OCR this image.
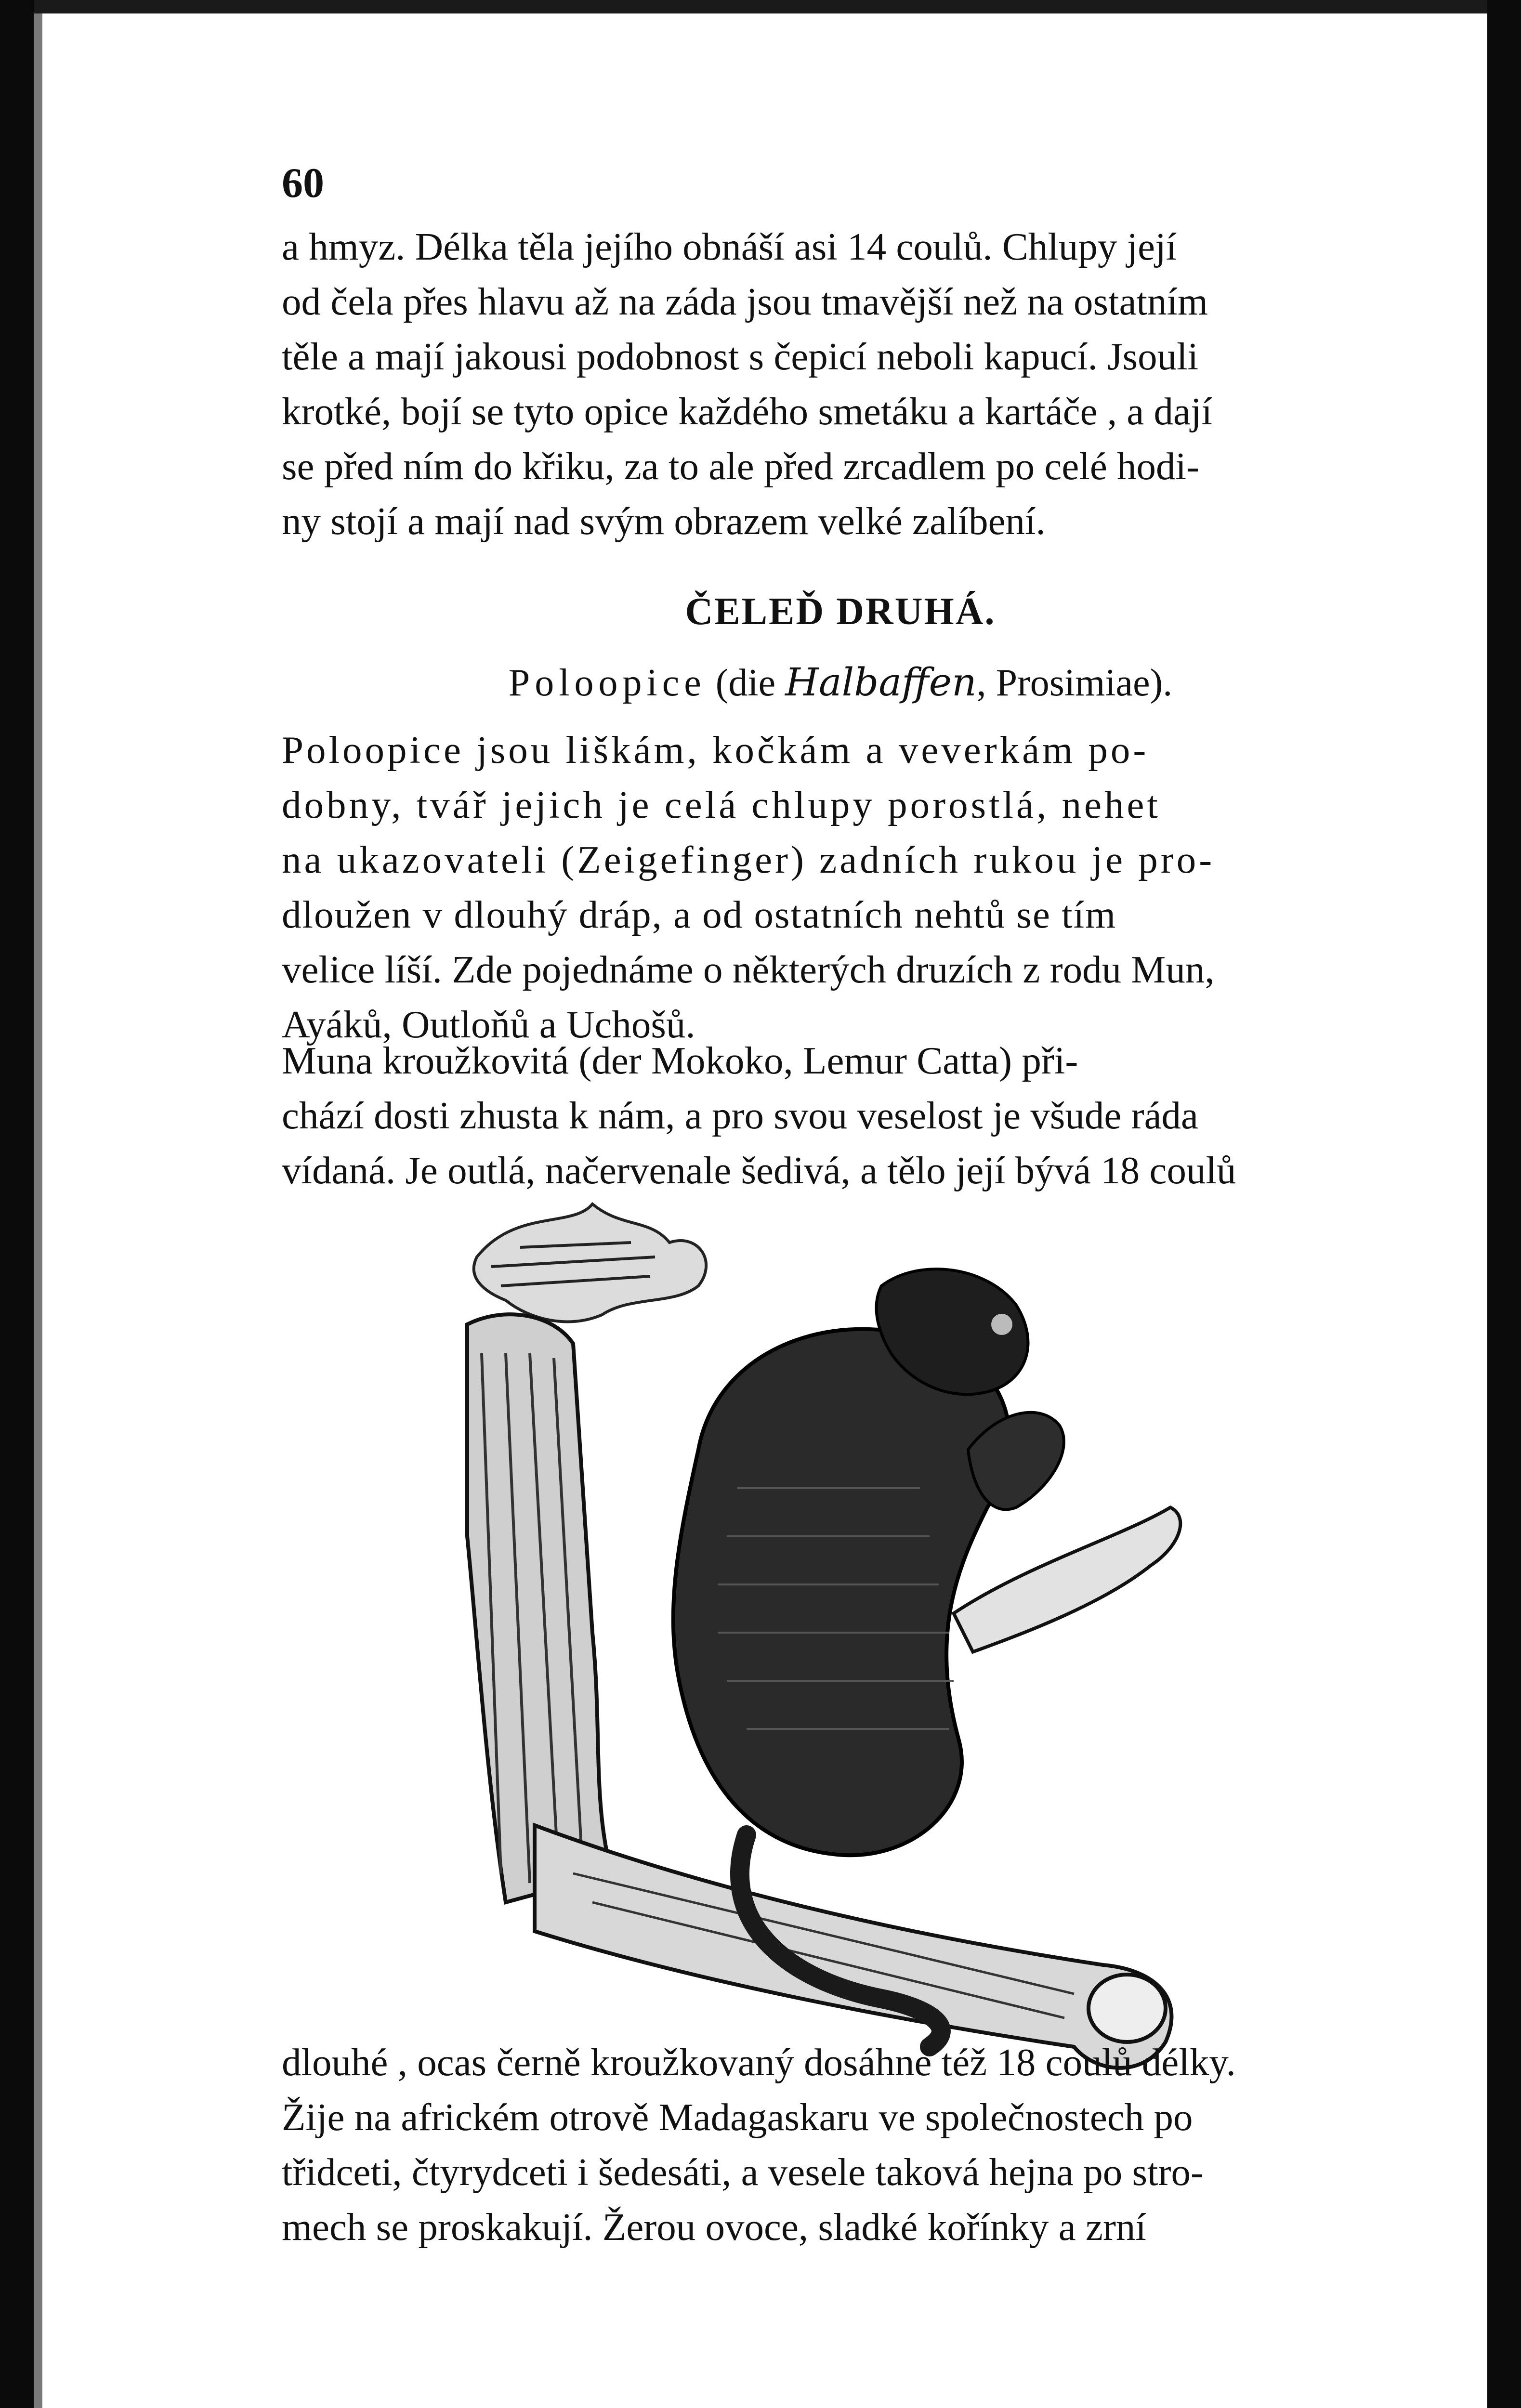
60

a hmyz. Délka těla jejího obnáší asi 14 coulů. Chlupy její

od čela přes hlavu až na záda jsou tmavější než na ostatním

těle a mají jakousi podobnost s čepicí neboli kapucí. Jsouli

krotké, bojí se tyto opice každého smetáku a kartáče , a dají

se před ním do křiku, za to ale před zrcadlem po celé hodi-

ny stojí a mají nad svým obrazem velké zalíbení.

ČELEĎ DRUHÁ.
Poloopice (die Halbaffen, Prosimiae).

Poloopice jsou liškám, kočkám a veverkám po-

dobny, tvář jejich je celá chlupy porostlá, nehet

na ukazovateli (Zeigefinger) zadních rukou je pro-

dloužen v dlouhý dráp, a od ostatních nehtů se tím

velice líší. Zde pojednáme o některých druzích z rodu Mun,

Ayáků, Outloňů a Uchošů.

Muna kroužkovitá (der Mokoko, Lemur Catta) při-

chází dosti zhusta k nám, a pro svou veselost je všude ráda

vídaná. Je outlá, načervenale šedivá, a tělo její bývá 18 coulů

dlouhé , ocas černě kroužkovaný dosáhne též 18 coulů délky.

Žije na africkém otrově Madagaskaru ve společnostech po

třidceti, čtyrydceti i šedesáti, a vesele taková hejna po stro-

mech se proskakují. Žerou ovoce, sladké kořínky a zrní
